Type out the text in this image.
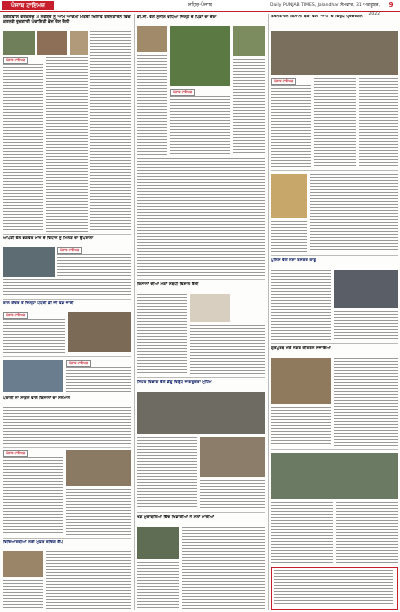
ਪੰਜਾਬ ਟਾਇਮਜ਼	ਸ਼ਹਿਰ-ਪੰਜਾਬ	Daily PUNJAB TIMES, Jalandhar ਸੋਮਵਾਰ, 31 ਅਕਤੂਬਰ, 2022
9
ਕੰਗਣਵਾਲ ਵਰਕਰਜ਼ 3 ਨਵੰਬਰ ਨੂੰ ਆਮ ਆਦਮੀ ਮੰਤਰੀ ਖਿਲਾਫ ਤਰਨਤਾਰਨ ਵਿਚ ਕਰਨਗੇ ਰੁਜ਼ਗਾਰੀ ਪੰਚਾਇਤੀ ਭੇਜ ਰੋਸ ਰੈਲੀ
ਪੰਜਾਬ ਟਾਇਮਜ਼
ਆਪਣੀ ਵੱਲ ਭਗਵੰਤ ਮਾਨ ਦੇ ਵਿਧਾਨ ਨੂੰ ਮਿਲਣ ਦਾ ਉਪਰਾਲਾ
ਪੰਜਾਬ ਟਾਇਮਜ਼
ਕਾਲ ਕੇਂਦਰ ਤੋਂ ਜ਼ਿਲ੍ਹਾ ਪੱਧਰੀ ਡੀ ਜੀ ਫੰਡ ਜਾਰੀ
ਪੰਜਾਬ ਟਾਇਮਜ਼
ਪੰਜਾਬ ਟਾਇਮਜ਼
ਪਰਾਲੀ ਨਾ ਸਾੜਨ ਵਾਲੇ ਕਿਸਾਨਾਂ ਦਾ ਸਨਮਾਨ
ਪੰਜਾਬ ਟਾਇਮਜ਼
ਵਿਦਿਆਰਥੀਆਂ ਲਈ ਮੁਫ਼ਤ ਕੋਚਿੰਗ ਕੈਂਪ
ਡੀ.ਸੀ. ਵੱਲੋਂ ਸੁਨੀਲ ਵਧਿਆ ਜਿਲ੍ਹੇ ਦੇ ਪਿੰਡਾਂ ਦਾ ਦੌਰਾ
ਪੰਜਾਬ ਟਾਇਮਜ਼
ਕਿਸਾਨਾਂ ਦੀਆਂ ਮੰਗਾਂ ਸਬੰਧੀ ਵਿਸ਼ਾਲ ਰੈਲੀ
ਸਿਹਤ ਵਿਭਾਗ ਵੱਲੋਂ ਡੇਂਗੂ ਵਿਰੁੱਧ ਜਾਗਰੂਕਤਾ ਮੁਹਿੰਮ
ਖੇਡ ਮੁਕਾਬਲਿਆਂ ਵਿੱਚ ਖਿਡਾਰੀਆਂ ਨੇ ਮੱਲਾਂ ਮਾਰੀਆਂ
ਤਰਨਤਾਰਨ ਕਿਸਾਨੀ ਬੈਂਕਾਂ ਵਲੋਂ 'ਆਪ' ਦੇ ਵਿਰੁੱਧ ਪ੍ਰਦਰਸ਼ਨ
ਪੰਜਾਬ ਟਾਇਮਜ਼
ਪੁਲਿਸ ਵੱਲੋਂ ਨਸ਼ਾ ਤਸਕਰ ਕਾਬੂ
ਗੁਰਪੁਰਬ ਮੌਕੇ ਨਗਰ ਕੀਰਤਨ ਸਜਾਇਆ
